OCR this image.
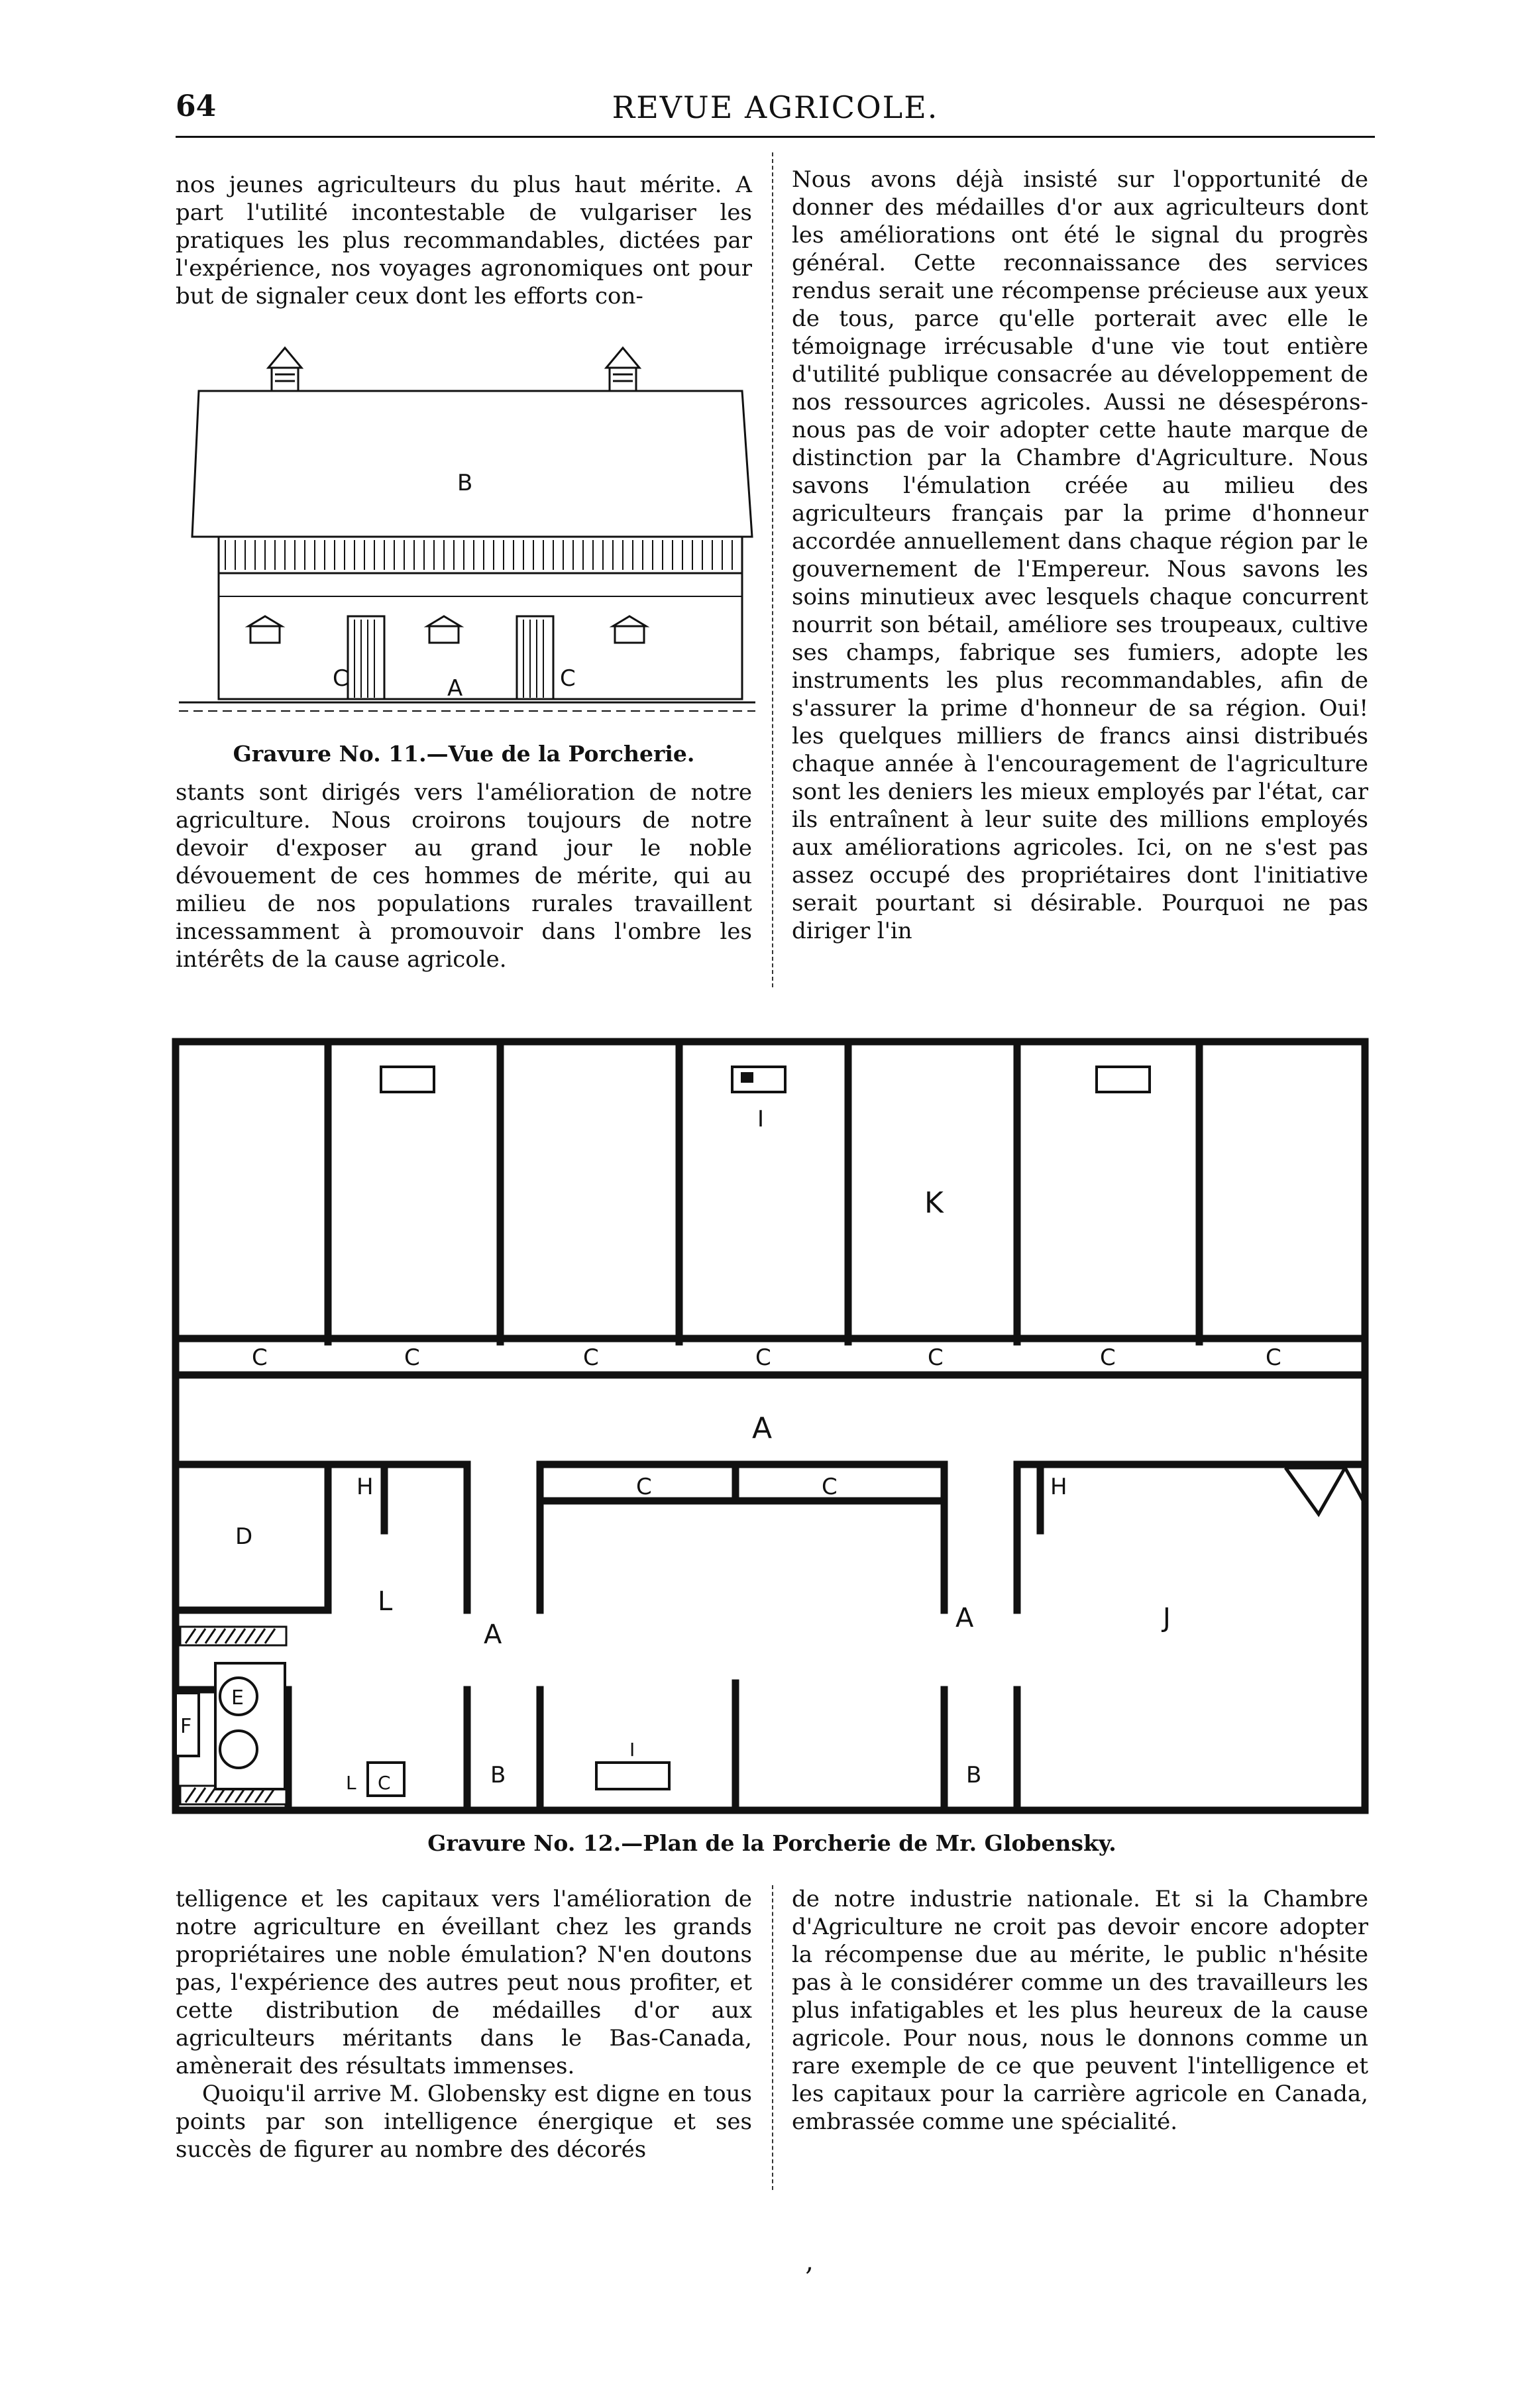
64	REVUE AGRICOLE.

nos jeunes agriculteurs du plus haut mérite. A part l'utilité incontestable de vulgariser les pratiques les plus recommandables, dictées par l'expérience, nos voyages agronomiques ont pour but de signaler ceux dont les efforts con-

B
C	A	C
Gravure No. 11.—Vue de la Porcherie.

stants sont dirigés vers l'amélioration de notre agriculture. Nous croirons toujours de notre devoir d'exposer au grand jour le noble dévouement de ces hommes de mérite, qui au milieu de nos populations rurales travaillent incessamment à promouvoir dans l'ombre les intérêts de la cause agricole.

Nous avons déjà insisté sur l'opportunité de donner des médailles d'or aux agriculteurs dont les améliorations ont été le signal du progrès général. Cette reconnaissance des services rendus serait une récompense précieuse aux yeux de tous, parce qu'elle porterait avec elle le témoignage irrécusable d'une vie tout entière d'utilité publique consacrée au développement de nos ressources agricoles. Aussi ne désespérons-nous pas de voir adopter cette haute marque de distinction par la Chambre d'Agriculture. Nous savons l'émulation créée au milieu des agriculteurs français par la prime d'honneur accordée annuellement dans chaque région par le gouvernement de l'Empereur. Nous savons les soins minutieux avec lesquels chaque concurrent nourrit son bétail, améliore ses troupeaux, cultive ses champs, fabrique ses fumiers, adopte les instruments les plus recommandables, afin de s'assurer la prime d'honneur de sa région. Oui! les quelques milliers de francs ainsi distribués chaque année à l'encouragement de l'agriculture sont les deniers les mieux employés par l'état, car ils entraînent à leur suite des millions employés aux améliorations agricoles. Ici, on ne s'est pas assez occupé des propriétaires dont l'initiative serait pourtant si désirable. Pourquoi ne pas diriger l'in

I
K
C	C	C	C	C	C	C
A
D
H	C	C	H
L
A
A	J
E
F
I
L C	B	B
Gravure No. 12.—Plan de la Porcherie de Mr. Globensky.

telligence et les capitaux vers l'amélioration de notre agriculture en éveillant chez les grands propriétaires une noble émulation? N'en doutons pas, l'expérience des autres peut nous profiter, et cette distribution de médailles d'or aux agriculteurs méritants dans le Bas-Canada, amènerait des résultats immenses.

Quoiqu'il arrive M. Globensky est digne en tous points par son intelligence énergique et ses succès de figurer au nombre des décorés

de notre industrie nationale. Et si la Chambre d'Agriculture ne croit pas devoir encore adopter la récompense due au mérite, le public n'hésite pas à le considérer comme un des travailleurs les plus infatigables et les plus heureux de la cause agricole. Pour nous, nous le donnons comme un rare exemple de ce que peuvent l'intelligence et les capitaux pour la carrière agricole en Canada, embrassée comme une spécialité.

‚
